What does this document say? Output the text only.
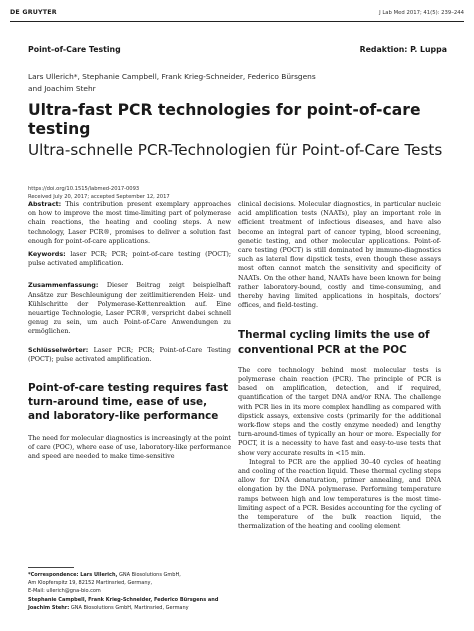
DE GRUYTER	J Lab Med 2017; 41(5): 239–244
Point-of-Care Testing	Redaktion: P. Luppa
Lars Ullerich*, Stephanie Campbell, Frank Krieg-Schneider, Federico Bürsgens
and Joachim Stehr
Ultra-fast PCR technologies for point-of-care testing
Ultra-schnelle PCR-Technologien für Point-of-Care Tests
https://doi.org/10.1515/labmed-2017-0093
Received July 20, 2017; accepted September 12, 2017

Abstract: This contribution present exemplary approaches on how to improve the most time-limiting part of polymerase chain reactions, the heating and cooling steps. A new technology, Laser PCR®, promises to deliver a solution fast enough for point-of-care applications.

Keywords: laser PCR; PCR; point-of-care testing (POCT); pulse activated amplification.

Zusammenfassung: Dieser Beitrag zeigt beispielhaft Ansätze zur Beschleunigung der zeitlimitierenden Heiz- und Kühlschritte der Polymerase-Kettenreaktion auf. Eine neuartige Technologie, Laser PCR®, verspricht dabei schnell genug zu sein, um auch Point-of-Care Anwendungen zu ermöglichen.

Schlüsselwörter: Laser PCR; PCR; Point-of-Care Testing (POCT); pulse activated amplification.

Point-of-care testing requires fast turn-around time, ease of use, and laboratory-like performance

The need for molecular diagnostics is increasingly at the point of care (POC), where ease of use, laboratory-like performance and speed are needed to make time-sensitive

*Correspondence: Lars Ullerich, GNA Biosolutions GmbH,
Am Klopferspitz 19, 82152 Martinsried, Germany,
E-Mail: ullerich@gna-bio.com
Stephanie Campbell, Frank Krieg-Schneider, Federico Bürsgens and Joachim Stehr: GNA Biosolutions GmbH, Martinsried, Germany

clinical decisions. Molecular diagnostics, in particular nucleic acid amplification tests (NAATs), play an important role in efficient treatment of infectious diseases, and have also become an integral part of cancer typing, blood screening, genetic testing, and other molecular applications. Point-of-care testing (POCT) is still dominated by immuno-diagnostics such as lateral flow dipstick tests, even though these assays most often cannot match the sensitivity and specificity of NAATs. On the other hand, NAATs have been known for being rather laboratory-bound, costly and time-consuming, and thereby having limited applications in hospitals, doctors’ offices, and field-testing.

Thermal cycling limits the use of conventional PCR at the POC

The core technology behind most molecular tests is polymerase chain reaction (PCR). The principle of PCR is based on amplification, detection, and if required, quantification of the target DNA and/or RNA. The challenge with PCR lies in its more complex handling as compared with dipstick assays, extensive costs (primarily for the additional work-flow steps and the costly enzyme needed) and lengthy turn-around-times of typically an hour or more. Especially for POCT, it is a necessity to have fast and easy-to-use tests that show very accurate results in <15 min.

Integral to PCR are the applied 30–40 cycles of heating and cooling of the reaction liquid. These thermal cycling steps allow for DNA denaturation, primer annealing, and DNA elongation by the DNA polymerase. Performing temperature ramps between high and low temperatures is the most time-limiting aspect of a PCR. Besides accounting for the cycling of the temperature of the bulk reaction liquid, the thermalization of the heating and cooling element
